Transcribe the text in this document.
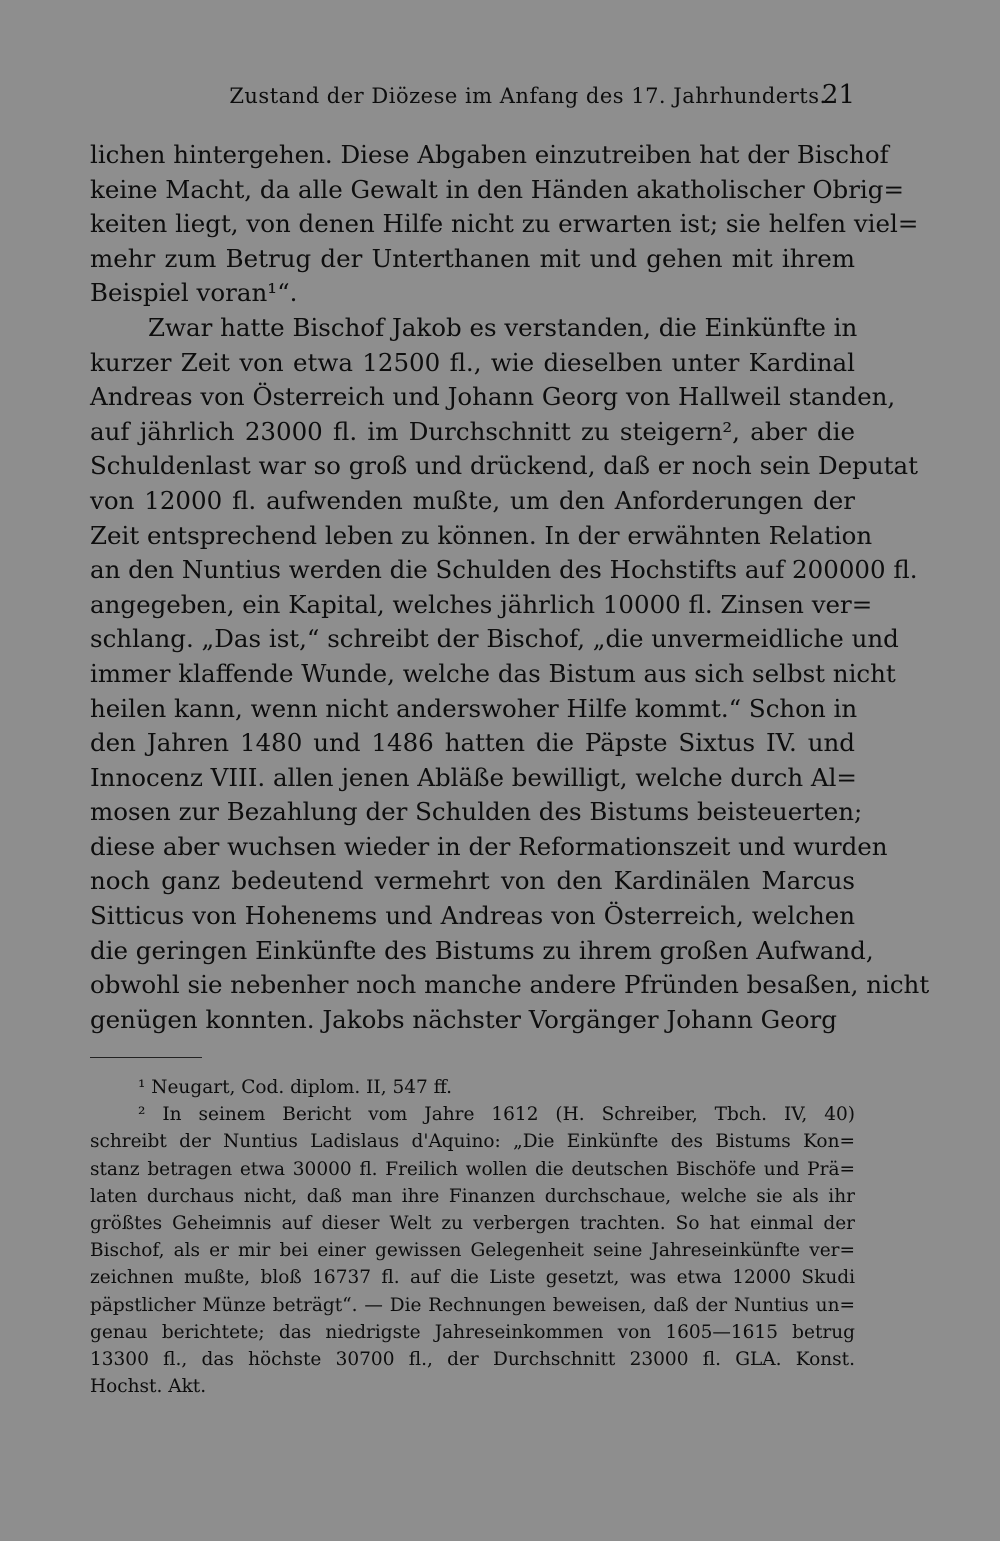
Zustand der Diözese im Anfang des 17. Jahrhunderts.
21
lichen hintergehen. Diese Abgaben einzutreiben hat der Bischof
keine Macht, da alle Gewalt in den Händen akatholischer Obrig=
keiten liegt, von denen Hilfe nicht zu erwarten ist; sie helfen viel=
mehr zum Betrug der Unterthanen mit und gehen mit ihrem
Beispiel voran¹“.
Zwar hatte Bischof Jakob es verstanden, die Einkünfte in
kurzer Zeit von etwa 12500 fl., wie dieselben unter Kardinal
Andreas von Österreich und Johann Georg von Hallweil standen,
auf jährlich 23000 fl. im Durchschnitt zu steigern², aber die
Schuldenlast war so groß und drückend, daß er noch sein Deputat
von 12000 fl. aufwenden mußte, um den Anforderungen der
Zeit entsprechend leben zu können. In der erwähnten Relation
an den Nuntius werden die Schulden des Hochstifts auf 200000 fl.
angegeben, ein Kapital, welches jährlich 10000 fl. Zinsen ver=
schlang. „Das ist,“ schreibt der Bischof, „die unvermeidliche und
immer klaffende Wunde, welche das Bistum aus sich selbst nicht
heilen kann, wenn nicht anderswoher Hilfe kommt.“ Schon in
den Jahren 1480 und 1486 hatten die Päpste Sixtus IV. und
Innocenz VIII. allen jenen Abläße bewilligt, welche durch Al=
mosen zur Bezahlung der Schulden des Bistums beisteuerten;
diese aber wuchsen wieder in der Reformationszeit und wurden
noch ganz bedeutend vermehrt von den Kardinälen Marcus
Sitticus von Hohenems und Andreas von Österreich, welchen
die geringen Einkünfte des Bistums zu ihrem großen Aufwand,
obwohl sie nebenher noch manche andere Pfründen besaßen, nicht
genügen konnten. Jakobs nächster Vorgänger Johann Georg
¹ Neugart, Cod. diplom. II, 547 ff.
² In seinem Bericht vom Jahre 1612 (H. Schreiber, Tbch. IV, 40)
schreibt der Nuntius Ladislaus d'Aquino: „Die Einkünfte des Bistums Kon=
stanz betragen etwa 30000 fl. Freilich wollen die deutschen Bischöfe und Prä=
laten durchaus nicht, daß man ihre Finanzen durchschaue, welche sie als ihr
größtes Geheimnis auf dieser Welt zu verbergen trachten. So hat einmal der
Bischof, als er mir bei einer gewissen Gelegenheit seine Jahreseinkünfte ver=
zeichnen mußte, bloß 16737 fl. auf die Liste gesetzt, was etwa 12000 Skudi
päpstlicher Münze beträgt“. — Die Rechnungen beweisen, daß der Nuntius un=
genau berichtete; das niedrigste Jahreseinkommen von 1605—1615 betrug
13300 fl., das höchste 30700 fl., der Durchschnitt 23000 fl. GLA. Konst.
Hochst. Akt.
